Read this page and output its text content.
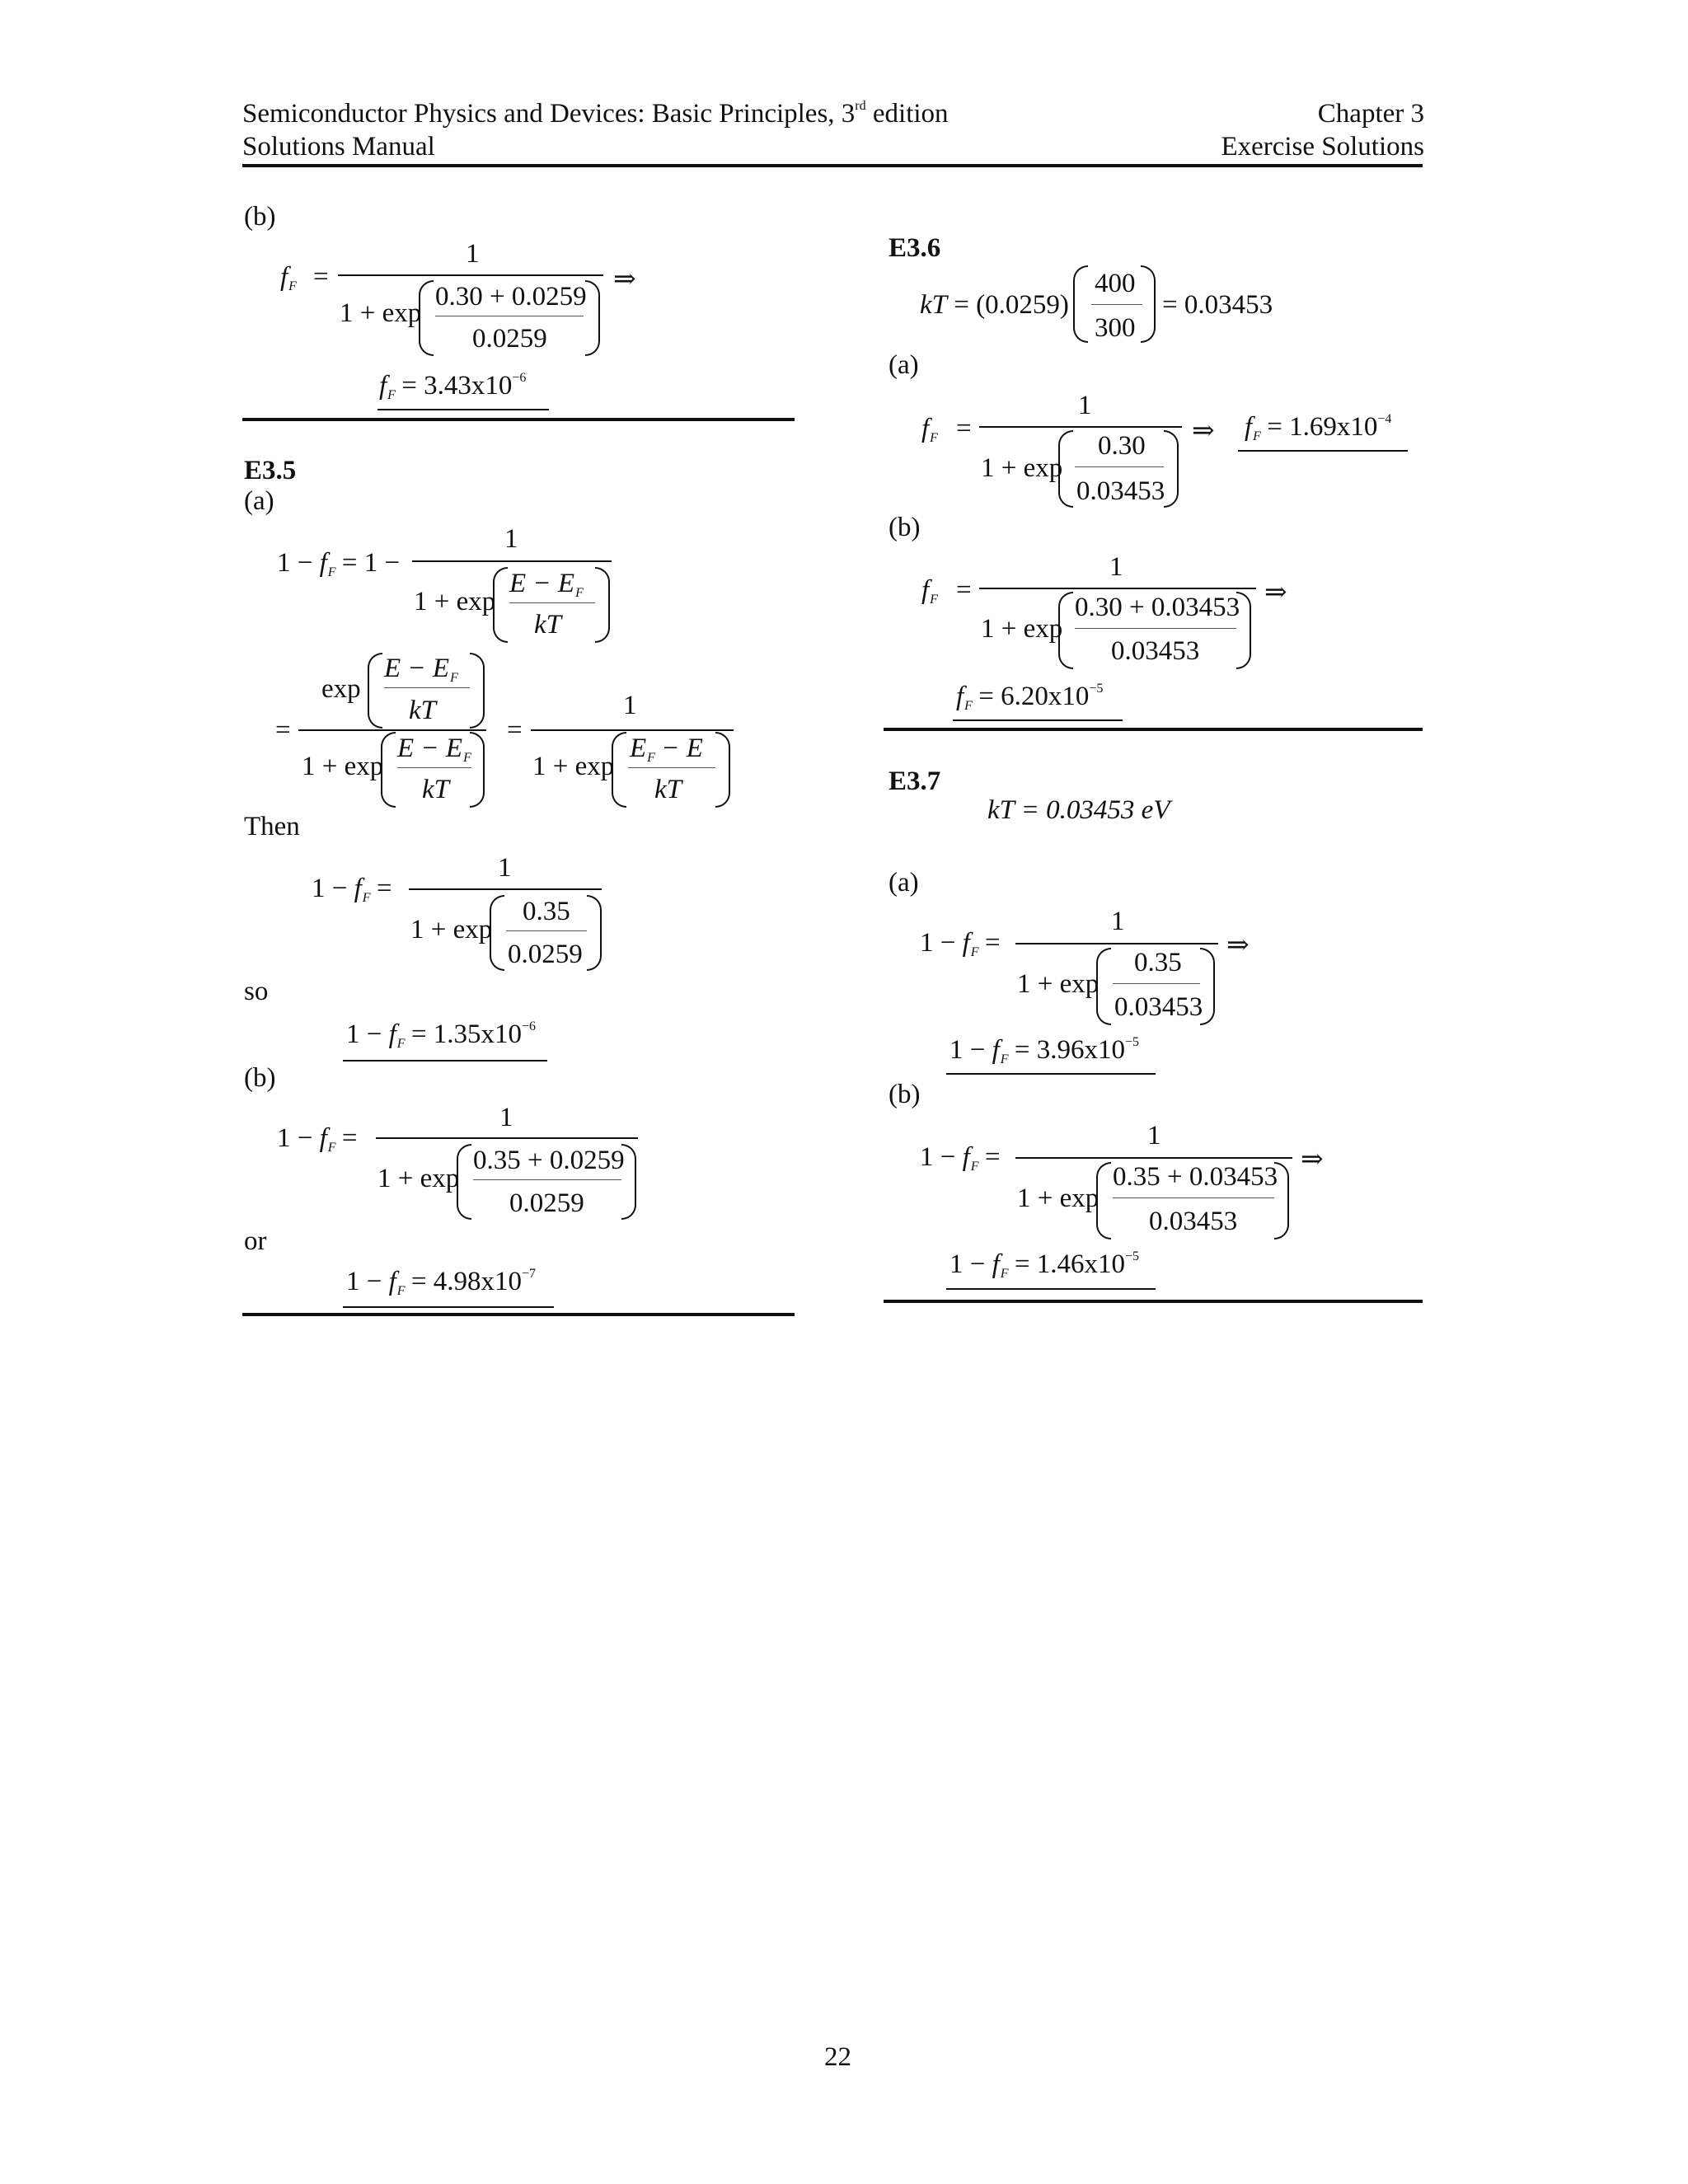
Semiconductor Physics and Devices: Basic Principles, 3rd edition
Solutions Manual
Chapter 3
Exercise Solutions
(b)
fF =
1
⇒
1 + exp
0.30 + 0.0259
0.0259
fF = $3.43x10^{-6}$
E3.5
(a)
1 − fF = 1 −
1
1 + exp
E − EF
kT
=
exp
E − EF
kT
1 + exp
E − EF
kT
=
1
1 + exp
EF − E
kT
Then
1 − fF =
1
1 + exp
0.35
0.0259
so
1 − fF = $1.35x10^{-6}$
(b)
1 − fF =
1
1 + exp
0.35 + 0.0259
0.0259
or
1 − fF = $4.98x10^{-7}$
E3.6
kT = (0.0259)
400
300
= 0.03453
(a)
fF =
1
1 + exp
0.30
0.03453
⇒ fF = $1.69x10^{-4}$
(b)
fF =
1
1 + exp
0.30 + 0.03453
0.03453
⇒
fF = $6.20x10^{-5}$
E3.7
kT = 0.03453 eV
(a)
1 − fF =
1
1 + exp
0.35
0.03453
⇒
1 − fF = $3.96x10^{-5}$
(b)
1 − fF =
1
1 + exp
0.35 + 0.03453
0.03453
⇒
1 − fF = $1.46x10^{-5}$
22
